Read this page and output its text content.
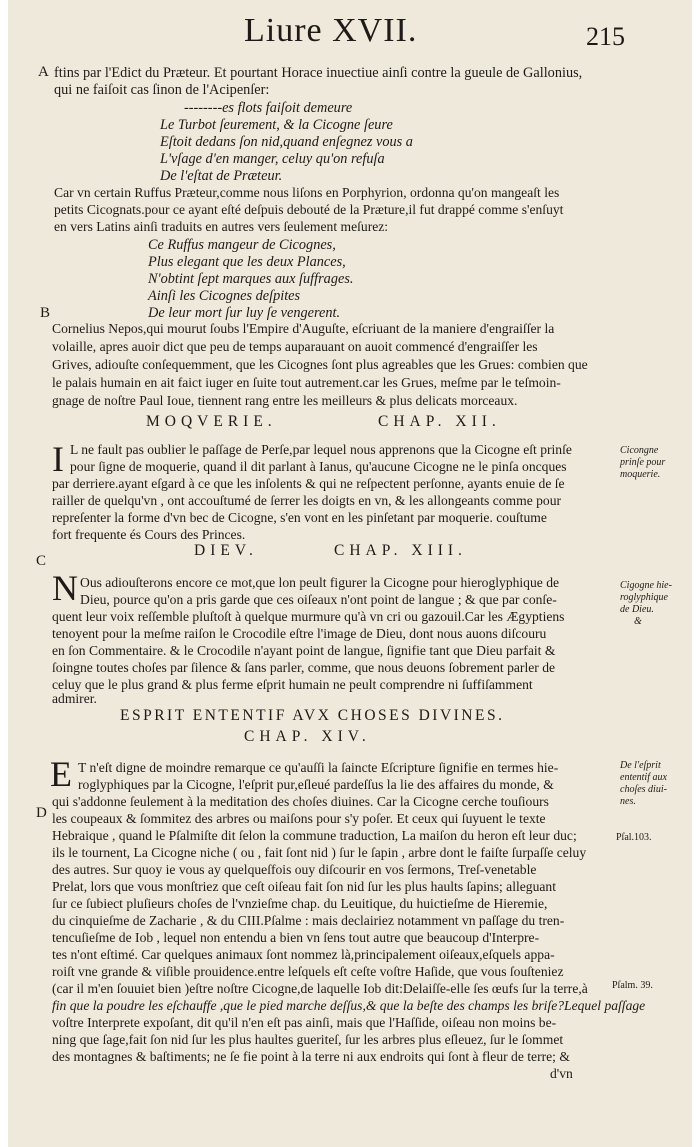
Liure XVII.	215
A
B
C
D
ftins par l'Edict du Præteur. Et pourtant Horace inuectiue ainſi contre la gueule de Gallonius,
qui ne faiſoit cas ſinon de l'Acipenſer:
--------es flots faiſoit demeure
Le Turbot ſeurement, & la Cicogne ſeure
Eſtoit dedans ſon nid,quand enſegnez vous a
L'vſage d'en manger, celuy qu'on refuſa
De l'eſtat de Præteur.
Car vn certain Ruffus Præteur,comme nous liſons en Porphyrion, ordonna qu'on mangeaſt les
petits Cicognats.pour ce ayant eſté deſpuis debouté de la Præture,il fut drappé comme s'enſuyt
en vers Latins ainſi traduits en autres vers ſeulement meſurez:
Ce Ruffus mangeur de Cicognes,
Plus elegant que les deux Plances,
N'obtint ſept marques aux ſuffrages.
Ainſi les Cicognes deſpites
De leur mort ſur luy ſe vengerent.
Cornelius Nepos,qui mourut ſoubs l'Empire d'Auguſte, eſcriuant de la maniere d'engraiſſer la
volaille, apres auoir dict que peu de temps auparauant on auoit commencé d'engraiſſer les
Grives, adiouſte conſequemment, que les Cicognes ſont plus agreables que les Grues: combien que
le palais humain en ait faict iuger en ſuite tout autrement.car les Grues, meſme par le teſmoin-
gnage de noſtre Paul Ioue, tiennent rang entre les meilleurs & plus delicats morceaux.
MOQVERIE.	CHAP. XII.
I L ne fault pas oublier le paſſage de Perſe,par lequel nous apprenons que la Cicogne eſt prinſe
pour ſigne de moquerie, quand il dit parlant à Ianus, qu'aucune Cicogne ne le pinſa oncques
par derriere.ayant eſgard à ce que les inſolents & qui ne reſpectent perſonne, ayants enuie de ſe
railler de quelqu'vn , ont accouſtumé de ſerrer les doigts en vn, & les allongeants comme pour
repreſenter la forme d'vn bec de Cicogne, s'en vont en les pinſetant par moquerie. couſtume
fort frequente és Cours des Princes.
Cicongne
prinſe pour
moquerie.
DIEV.	CHAP. XIII.
N Ous adiouſterons encore ce mot,que lon peult figurer la Cicogne pour hieroglyphique de
Dieu, pource qu'on a pris garde que ces oiſeaux n'ont point de langue ; & que par conſe-
quent leur voix reſſemble pluſtoſt à quelque murmure qu'à vn cri ou gazouil.Car les Ægyptiens
tenoyent pour la meſme raiſon le Crocodile eſtre l'image de Dieu, dont nous auons diſcouru
en ſon Commentaire. & le Crocodile n'ayant point de langue, ſignifie tant que Dieu parfait &
ſoingne toutes choſes par ſilence & ſans parler, comme, que nous deuons ſobrement parler de
celuy que le plus grand & plus ferme eſprit humain ne peult comprendre ni ſuffiſamment
admirer.
Cigogne hie-
roglyphique
de Dieu.
&
ESPRIT ENTENTIF AVX CHOSES DIVINES.
CHAP. XIV.
E T n'eſt digne de moindre remarque ce qu'auſſi la ſaincte Eſcripture ſignifie en termes hie-
roglyphiques par la Cicogne, l'eſprit pur,eſleué pardeſſus la lie des affaires du monde, &
qui s'addonne ſeulement à la meditation des choſes diuines. Car la Cicogne cerche touſiours
les coupeaux & ſommitez des arbres ou maiſons pour s'y poſer. Et ceux qui ſuyuent le texte
Hebraique , quand le Pſalmiſte dit ſelon la commune traduction, La maiſon du heron eſt leur duc;
ils le tournent, La Cicogne niche ( ou , fait ſont nid ) ſur le ſapin , arbre dont le faiſte ſurpaſſe celuy
des autres. Sur quoy ie vous ay quelqueſfois ouy diſcourir en vos ſermons, Treſ-venetable
Prelat, lors que vous monſtriez que ceſt oiſeau fait ſon nid ſur les plus haults ſapins; alleguant
ſur ce ſubiect pluſieurs choſes de l'vnzieſme chap. du Leuitique, du huictieſme de Hieremie,
du cinquieſme de Zacharie , & du CIII.Pſalme : mais declairiez notamment vn paſſage du tren-
tencuſieſme de Iob , lequel non entendu a bien vn ſens tout autre que beaucoup d'Interpre-
tes n'ont eſtimé. Car quelques animaux ſont nommez là,principalement oiſeaux,eſquels appa-
roiſt vne grande & viſible prouidence.entre leſquels eſt ceſte voſtre Haſide, que vous ſouſteniez
(car il m'en ſouuiet bien )eſtre noſtre Cicogne,de laquelle Iob dit:Delaiſſe-elle ſes œufs ſur la terre,à
fin que la poudre les eſchauffe ,que le pied marche deſſus,& que la beſte des champs les briſe?Lequel paſſage
voſtre Interprete expoſant, dit qu'il n'en eſt pas ainſi, mais que l'Haſſide, oiſeau non moins be-
ning que ſage,fait ſon nid ſur les plus haultes gueriteſ, ſur les arbres plus eſleuez, ſur le ſommet
des montagnes & baſtiments; ne ſe fie point à la terre ni aux endroits qui ſont à fleur de terre; &
De l'eſprit
ententif aux
choſes diui-
nes.
Pſal.103.
Pſalm. 39.
d'vn
